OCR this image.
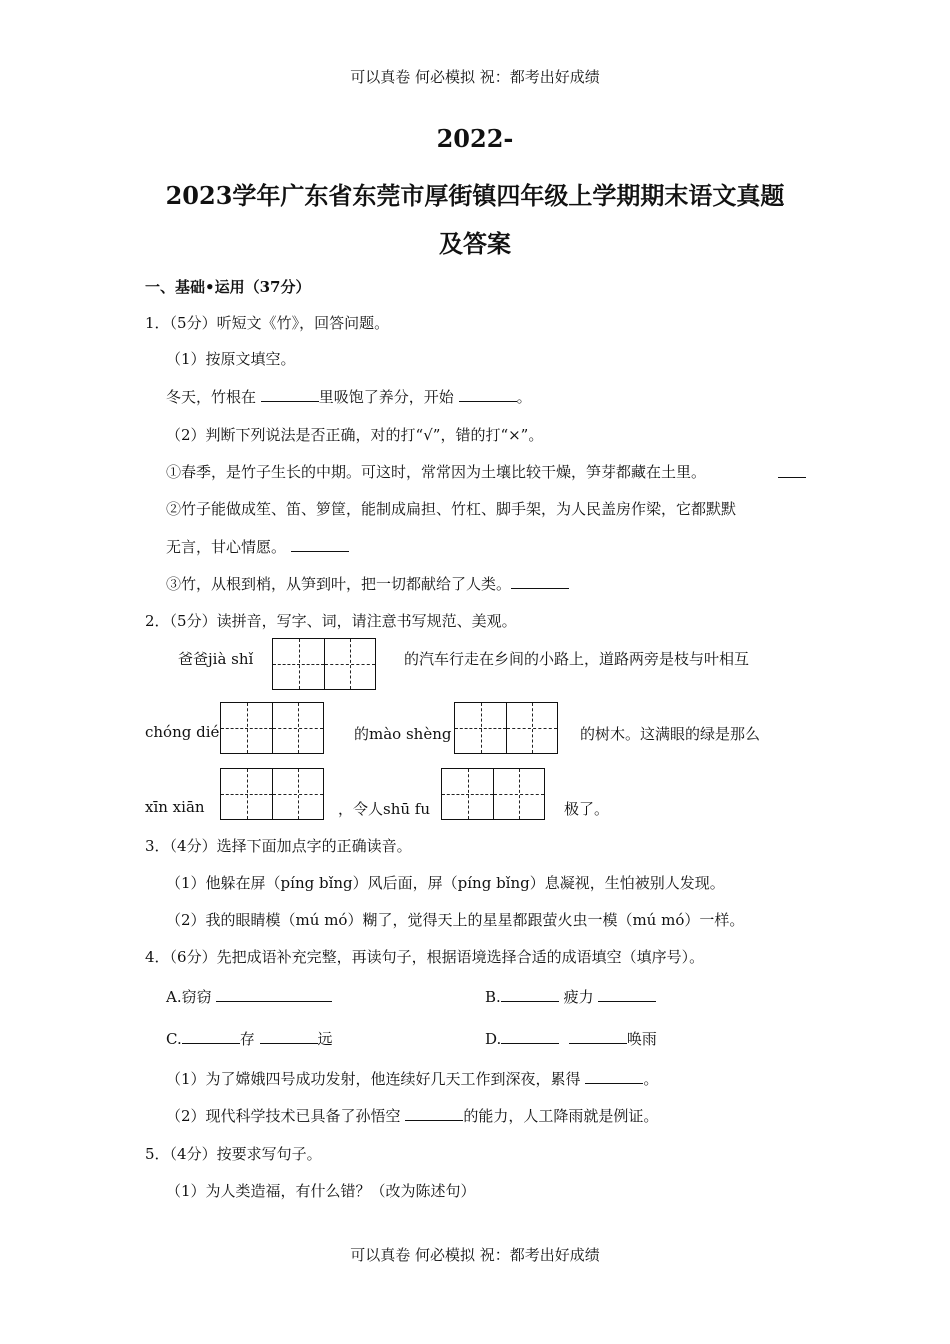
可以真卷 何必模拟 祝：都考出好成绩
2022-
2023学年广东省东莞市厚街镇四年级上学期期末语文真题
及答案
一、基础•运用（37分）
1．（5分）听短文《竹》，回答问题。
（1）按原文填空。
冬天，竹根在	里吸饱了养分，开始	。
（2）判断下列说法是否正确，对的打“√”，错的打“×”。
①春季，是竹子生长的中期。可这时，常常因为土壤比较干燥，笋芽都藏在土里。
②竹子能做成笙、笛、箩筐，能制成扁担、竹杠、脚手架，为人民盖房作梁，它都默默
无言，甘心情愿。
③竹，从根到梢，从笋到叶，把一切都献给了人类。
2．（5分）读拼音，写字、词，请注意书写规范、美观。
爸爸jià shǐ	的汽车行走在乡间的小路上，道路两旁是枝与叶相互
chóng dié	的mào shèng	的树木。这满眼的绿是那么
xīn xiān	，令人shū fu	极了。
3．（4分）选择下面加点字的正确读音。
（1）他躲在屏（píng bǐng）风后面，屏（píng bǐng）息凝视，生怕被别人发现。
（2）我的眼睛模（mú mó）糊了，觉得天上的星星都跟萤火虫一模（mú mó）一样。
4．（6分）先把成语补充完整，再读句子，根据语境选择合适的成语填空（填序号）。
A.窃窃	B.	疲力
C.	存	远	D.	唤雨
（1）为了嫦娥四号成功发射，他连续好几天工作到深夜，累得	。
（2）现代科学技术已具备了孙悟空	的能力，人工降雨就是例证。
5．（4分）按要求写句子。
（1）为人类造福，有什么错？（改为陈述句）
可以真卷 何必模拟 祝：都考出好成绩
